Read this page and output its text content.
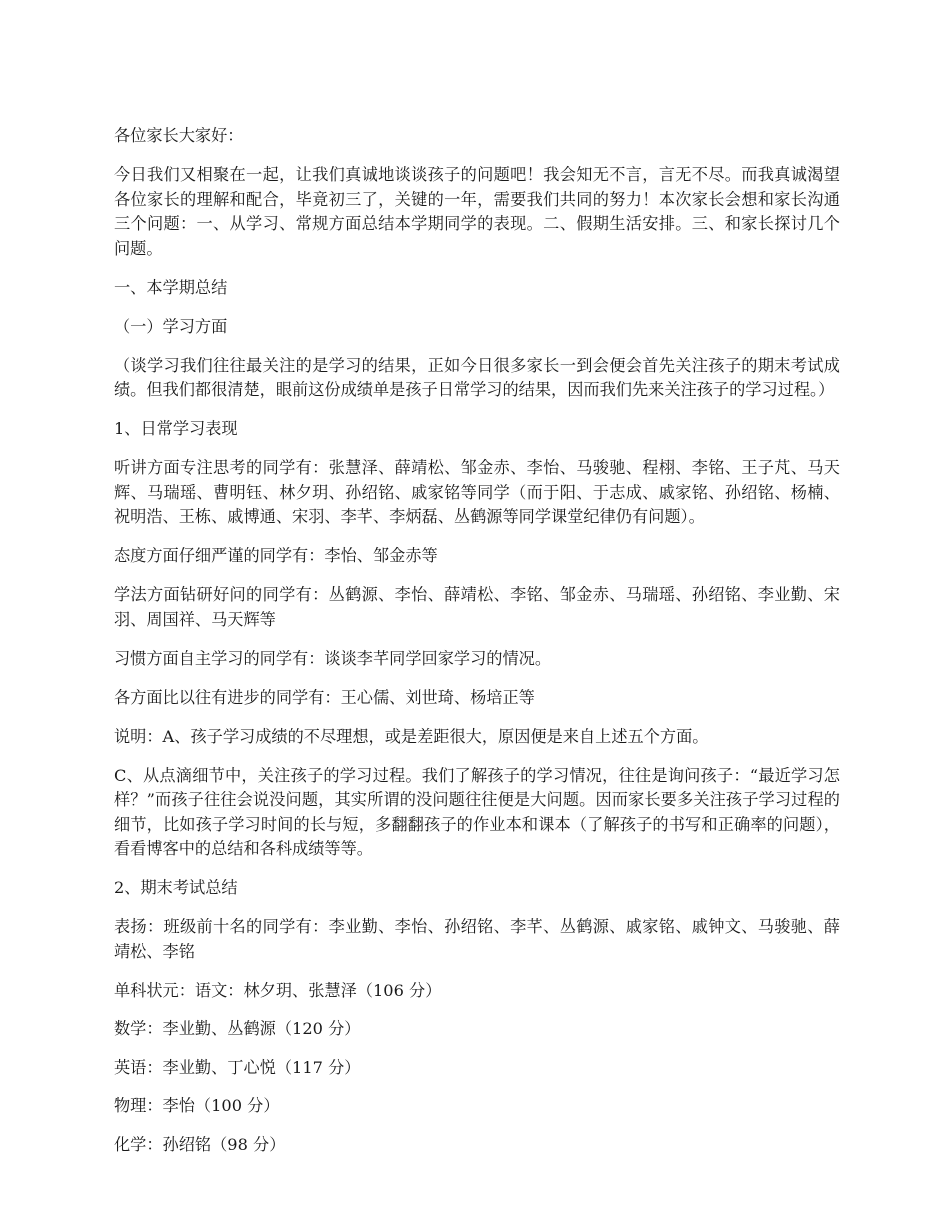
各位家长大家好：

今日我们又相聚在一起，让我们真诚地谈谈孩子的问题吧！我会知无不言，言无不尽。而我真诚渴望各位家长的理解和配合，毕竟初三了，关键的一年，需要我们共同的努力！本次家长会想和家长沟通三个问题：一、从学习、常规方面总结本学期同学的表现。二、假期生活安排。三、和家长探讨几个问题。

一、本学期总结

（一）学习方面

（谈学习我们往往最关注的是学习的结果，正如今日很多家长一到会便会首先关注孩子的期末考试成绩。但我们都很清楚，眼前这份成绩单是孩子日常学习的结果，因而我们先来关注孩子的学习过程。）

1、日常学习表现

听讲方面专注思考的同学有：张慧泽、薛靖松、邹金赤、李怡、马骏驰、程栩、李铭、王子芃、马天辉、马瑞瑶、曹明钰、林夕玥、孙绍铭、戚家铭等同学（而于阳、于志成、戚家铭、孙绍铭、杨楠、祝明浩、王栋、戚博通、宋羽、李芊、李炳磊、丛鹤源等同学课堂纪律仍有问题）。

态度方面仔细严谨的同学有：李怡、邹金赤等

学法方面钻研好问的同学有：丛鹤源、李怡、薛靖松、李铭、邹金赤、马瑞瑶、孙绍铭、李业勤、宋羽、周国祥、马天辉等

习惯方面自主学习的同学有：谈谈李芊同学回家学习的情况。

各方面比以往有进步的同学有：王心儒、刘世琦、杨培正等

说明：A、孩子学习成绩的不尽理想，或是差距很大，原因便是来自上述五个方面。

C、从点滴细节中，关注孩子的学习过程。我们了解孩子的学习情况，往往是询问孩子：“最近学习怎样？”而孩子往往会说没问题，其实所谓的没问题往往便是大问题。因而家长要多关注孩子学习过程的细节，比如孩子学习时间的长与短，多翻翻孩子的作业本和课本（了解孩子的书写和正确率的问题），看看博客中的总结和各科成绩等等。

2、期末考试总结

表扬：班级前十名的同学有：李业勤、李怡、孙绍铭、李芊、丛鹤源、戚家铭、戚钟文、马骏驰、薛靖松、李铭

单科状元：语文：林夕玥、张慧泽（106 分）

数学：李业勤、丛鹤源（120 分）

英语：李业勤、丁心悦（117 分）

物理：李怡（100 分）

化学：孙绍铭（98 分）
